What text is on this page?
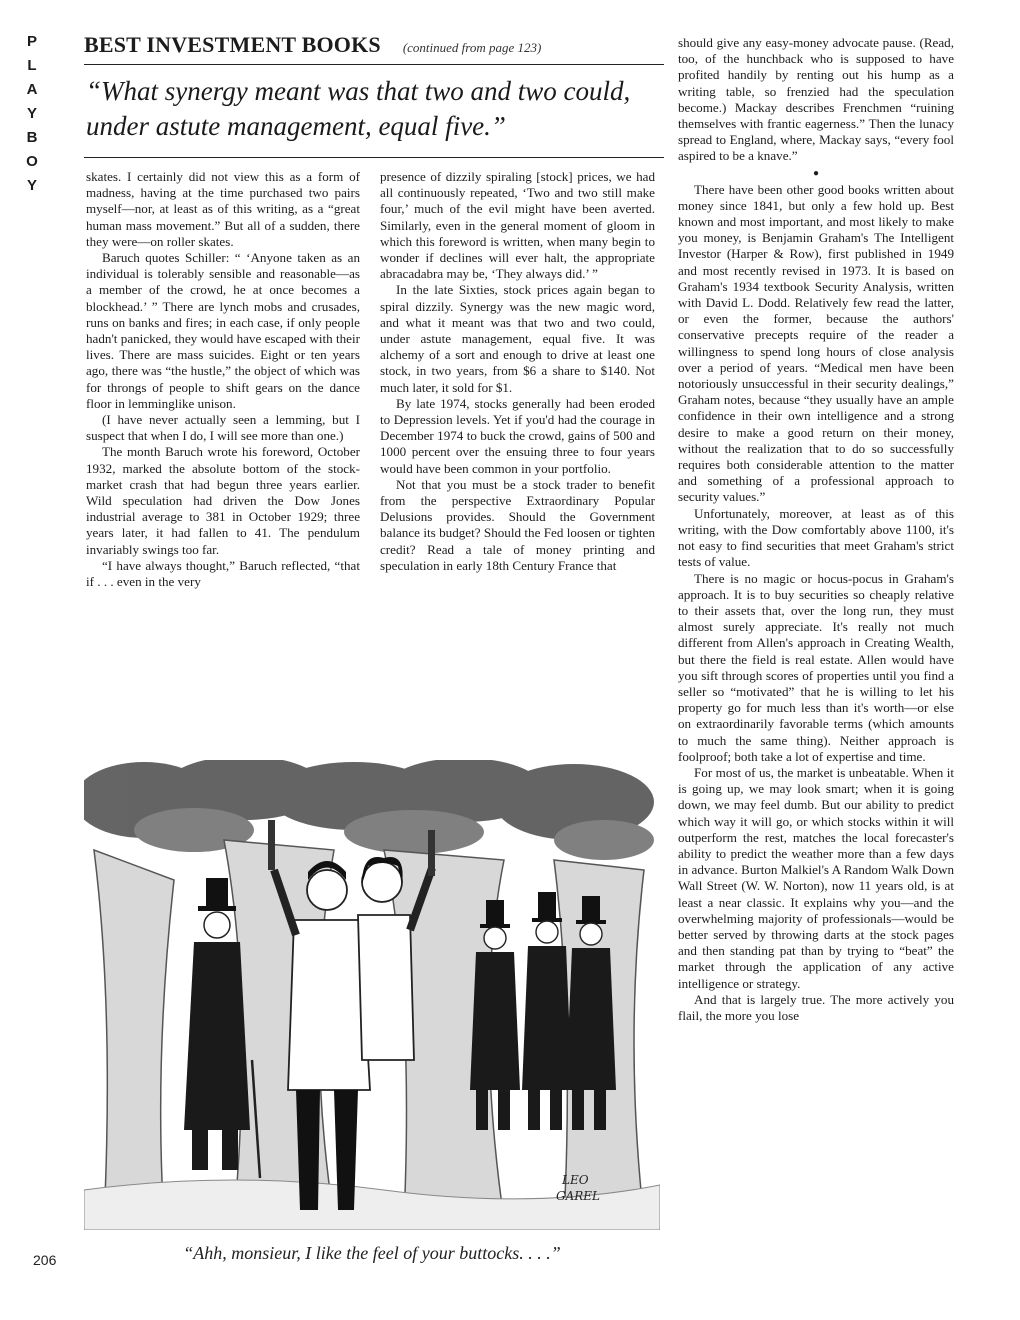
P
L
A
Y
B
O
Y
BEST INVESTMENT BOOKS (continued from page 123)

“What synergy meant was that two and two could, under astute management, equal five.”

skates. I certainly did not view this as a form of madness, having at the time purchased two pairs myself—nor, at least as of this writing, as a “great human mass movement.” But all of a sudden, there they were—on roller skates.

Baruch quotes Schiller: “ ‘Anyone taken as an individual is tolerably sensible and reasonable—as a member of the crowd, he at once becomes a blockhead.’ ” There are lynch mobs and crusades, runs on banks and fires; in each case, if only people hadn't panicked, they would have escaped with their lives. There are mass suicides. Eight or ten years ago, there was “the hustle,” the object of which was for throngs of people to shift gears on the dance floor in lemminglike unison.

(I have never actually seen a lemming, but I suspect that when I do, I will see more than one.)

The month Baruch wrote his foreword, October 1932, marked the absolute bottom of the stock-market crash that had begun three years earlier. Wild speculation had driven the Dow Jones industrial average to 381 in October 1929; three years later, it had fallen to 41. The pendulum invariably swings too far.

“I have always thought,” Baruch reflected, “that if . . . even in the very

presence of dizzily spiraling [stock] prices, we had all continuously repeated, ‘Two and two still make four,’ much of the evil might have been averted. Similarly, even in the general moment of gloom in which this foreword is written, when many begin to wonder if declines will ever halt, the appropriate abracadabra may be, ‘They always did.’ ”

In the late Sixties, stock prices again began to spiral dizzily. Synergy was the new magic word, and what it meant was that two and two could, under astute management, equal five. It was alchemy of a sort and enough to drive at least one stock, in two years, from $6 a share to $140. Not much later, it sold for $1.

By late 1974, stocks generally had been eroded to Depression levels. Yet if you'd had the courage in December 1974 to buck the crowd, gains of 500 and 1000 percent over the ensuing three to four years would have been common in your portfolio.

Not that you must be a stock trader to benefit from the perspective Extraordinary Popular Delusions provides. Should the Government balance its budget? Should the Fed loosen or tighten credit? Read a tale of money printing and speculation in early 18th Century France that

should give any easy-money advocate pause. (Read, too, of the hunchback who is supposed to have profited handily by renting out his hump as a writing table, so frenzied had the speculation become.) Mackay describes Frenchmen “ruining themselves with frantic eagerness.” Then the lunacy spread to England, where, Mackay says, “every fool aspired to be a knave.”

●

There have been other good books written about money since 1841, but only a few hold up. Best known and most important, and most likely to make you money, is Benjamin Graham's The Intelligent Investor (Harper & Row), first published in 1949 and most recently revised in 1973. It is based on Graham's 1934 textbook Security Analysis, written with David L. Dodd. Relatively few read the latter, or even the former, because the authors' conservative precepts require of the reader a willingness to spend long hours of close analysis over a period of years. “Medical men have been notoriously unsuccessful in their security dealings,” Graham notes, because “they usually have an ample confidence in their own intelligence and a strong desire to make a good return on their money, without the realization that to do so successfully requires both considerable attention to the matter and something of a professional approach to security values.”

Unfortunately, moreover, at least as of this writing, with the Dow comfortably above 1100, it's not easy to find securities that meet Graham's strict tests of value.

There is no magic or hocus-pocus in Graham's approach. It is to buy securities so cheaply relative to their assets that, over the long run, they must almost surely appreciate. It's really not much different from Allen's approach in Creating Wealth, but there the field is real estate. Allen would have you sift through scores of properties until you find a seller so “motivated” that he is willing to let his property go for much less than it's worth—or else on extraordinarily favorable terms (which amounts to much the same thing). Neither approach is foolproof; both take a lot of expertise and time.

For most of us, the market is unbeatable. When it is going up, we may look smart; when it is going down, we may feel dumb. But our ability to predict which way it will go, or which stocks within it will outperform the rest, matches the local forecaster's ability to predict the weather more than a few days in advance. Burton Malkiel's A Random Walk Down Wall Street (W. W. Norton), now 11 years old, is at least a near classic. It explains why you—and the overwhelming majority of professionals—would be better served by throwing darts at the stock pages and then standing pat than by trying to “beat” the market through the application of any active intelligence or strategy.

And that is largely true. The more actively you flail, the more you lose

LEO
GAREL
“Ahh, monsieur, I like the feel of your buttocks. . . .”
206
